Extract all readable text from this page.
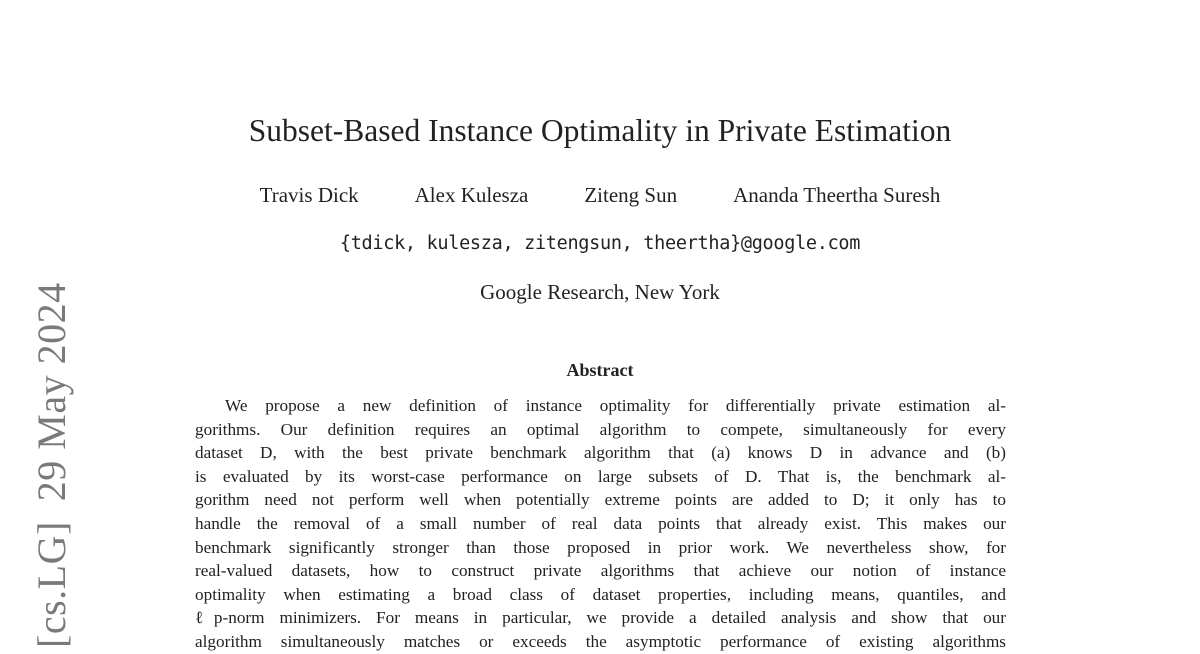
[cs.LG]29 May 2024
Subset-Based Instance Optimality in Private Estimation
Travis Dick	Alex Kulesza	Ziteng Sun	Ananda Theertha Suresh
{tdick, kulesza, zitengsun, theertha}@google.com
Google Research, New York
Abstract
We propose a new definition of instance optimality for differentially private estimation al-
gorithms. Our definition requires an optimal algorithm to compete, simultaneously for every
dataset D, with the best private benchmark algorithm that (a) knows D in advance and (b)
is evaluated by its worst-case performance on large subsets of D. That is, the benchmark al-
gorithm need not perform well when potentially extreme points are added to D; it only has to
handle the removal of a small number of real data points that already exist. This makes our
benchmark significantly stronger than those proposed in prior work. We nevertheless show, for
real-valued datasets, how to construct private algorithms that achieve our notion of instance
optimality when estimating a broad class of dataset properties, including means, quantiles, and
ℓp-norm minimizers. For means in particular, we provide a detailed analysis and show that our
algorithm simultaneously matches or exceeds the asymptotic performance of existing algorithms
